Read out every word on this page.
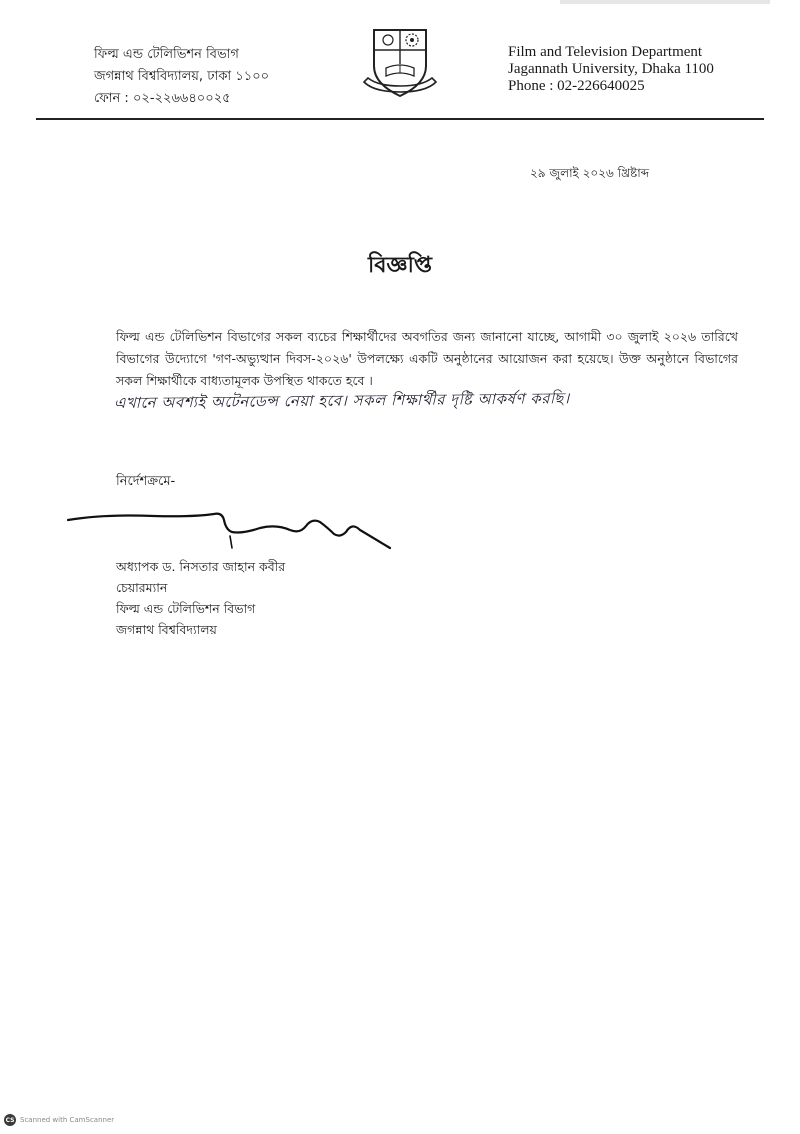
ফিল্ম এন্ড টেলিভিশন বিভাগ
জগন্নাথ বিশ্ববিদ্যালয়, ঢাকা ১১০০
ফোন : ০২-২২৬৬৪০০২৫
Film and Television Department
Jagannath University, Dhaka 1100
Phone : 02-226640025
২৯ জুলাই ২০২৬ খ্রিষ্টাব্দ
বিজ্ঞপ্তি
ফিল্ম এন্ড টেলিভিশন বিভাগের সকল ব্যচের শিক্ষার্থীদের অবগতির জন্য জানানো যাচ্ছে, আগামী ৩০ জুলাই ২০২৬ তারিখে বিভাগের উদ্যোগে 'গণ-অভ্যুত্থান দিবস-২০২৬' উপলক্ষ্যে একটি অনুষ্ঠানের আয়োজন করা হয়েছে। উক্ত অনুষ্ঠানে বিভাগের সকল শিক্ষার্থীকে বাধ্যতামূলক উপস্থিত থাকতে হবে ।
এখানে অবশ্যই অটেনডেন্স নেয়া হবে। সকল শিক্ষার্থীর দৃষ্টি আকর্ষণ করছি।
নির্দেশক্রমে-
অধ্যাপক ড. নিসতার জাহান কবীর
চেয়ারম্যান
ফিল্ম এন্ড টেলিভিশন বিভাগ
জগন্নাথ বিশ্ববিদ্যালয়
CS Scanned with CamScanner
